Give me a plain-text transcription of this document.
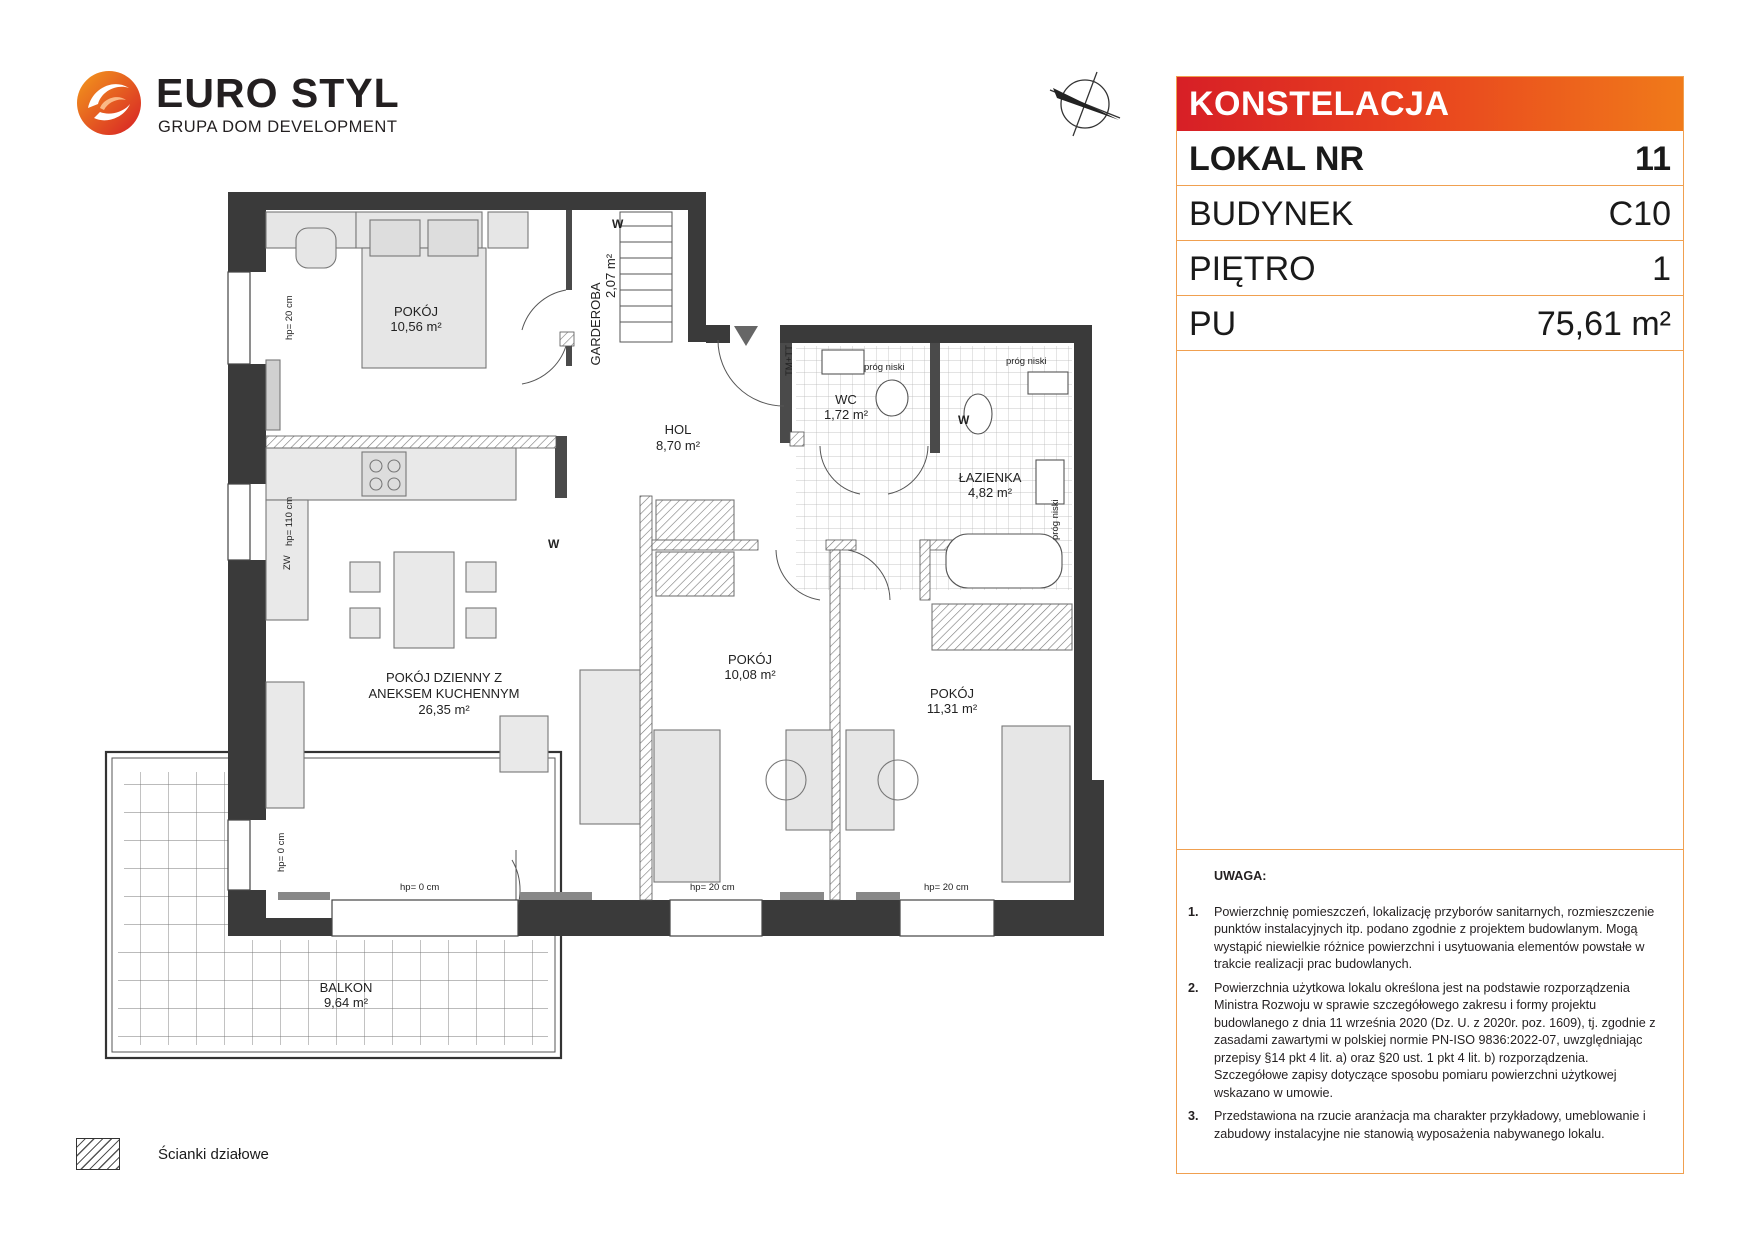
EURO STYL
GRUPA DOM DEVELOPMENT
POKÓJ
10,56 m²	GARDEROBA
2,07 m²
HOL
8,70 m²
WC
1,72 m²
ŁAZIENKA
4,82 m²
POKÓJ DZIENNY Z
ANEKSEM KUCHENNYM
26,35 m²
POKÓJ
10,08 m²
POKÓJ
11,31 m²
BALKON
9,64 m²
hp= 20 cm
hp= 110 cm
ZW
hp= 0 cm
hp= 0 cm	hp= 20 cm	hp= 20 cm
próg niski
próg niski
próg niski
TM+TT
W
W
W
KONSTELACJA
LOKAL NR	11
BUDYNEK	C10
PIĘTRO	1
PU	75,61 m²
UWAGA:
1. Powierzchnię pomieszczeń, lokalizację przyborów sanitarnych, rozmieszczenie punktów instalacyjnych itp. podano zgodnie z projektem budowlanym. Mogą wystąpić niewielkie różnice powierzchni i usytuowania elementów powstałe w trakcie realizacji prac budowlanych.
2. Powierzchnia użytkowa lokalu określona jest na podstawie rozporządzenia Ministra Rozwoju w sprawie szczegółowego zakresu i formy projektu budowlanego z dnia 11 września 2020 (Dz. U. z 2020r. poz. 1609), tj. zgodnie z zasadami zawartymi w polskiej normie PN-ISO 9836:2022-07, uwzględniając przepisy §14 pkt 4 lit. a) oraz §20 ust. 1 pkt 4 lit. b) rozporządzenia. Szczegółowe zapisy dotyczące sposobu pomiaru powierzchni użytkowej wskazano w umowie.
3. Przedstawiona na rzucie aranżacja ma charakter przykładowy, umeblowanie i zabudowy instalacyjne nie stanowią wyposażenia nabywanego lokalu.
Ścianki działowe
